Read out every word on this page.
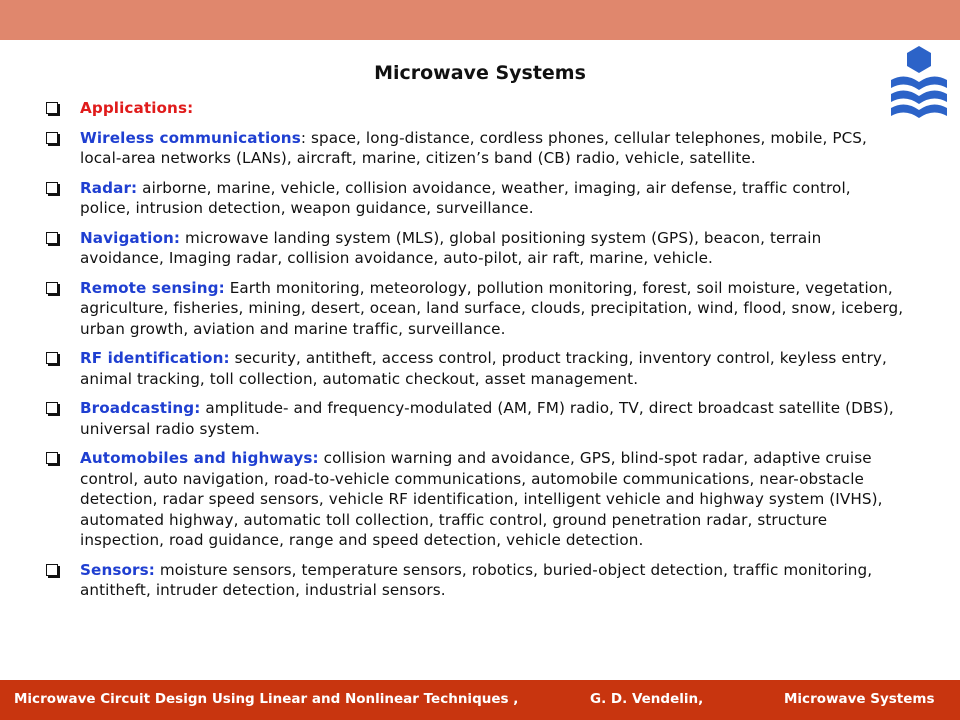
Microwave Systems
Applications:
Wireless communications: space, long-distance, cordless phones, cellular telephones, mobile, PCS, local-area networks (LANs), aircraft, marine, citizen’s band (CB) radio, vehicle, satellite.
Radar: airborne, marine, vehicle, collision avoidance, weather, imaging, air defense, traffic control, police, intrusion detection, weapon guidance, surveillance.
Navigation: microwave landing system (MLS), global positioning system (GPS), beacon, terrain avoidance, Imaging radar, collision avoidance, auto-pilot, air raft, marine, vehicle.
Remote sensing: Earth monitoring, meteorology, pollution monitoring, forest, soil moisture, vegetation, agriculture, fisheries, mining, desert, ocean, land surface, clouds, precipitation, wind, flood, snow, iceberg, urban growth, aviation and marine traffic, surveillance.
RF identification: security, antitheft, access control, product tracking, inventory control, keyless entry, animal tracking, toll collection, automatic checkout, asset management.
Broadcasting: amplitude- and frequency-modulated (AM, FM) radio, TV, direct broadcast satellite (DBS), universal radio system.
Automobiles and highways: collision warning and avoidance, GPS, blind-spot radar, adaptive cruise control, auto navigation, road-to-vehicle communications, automobile communications, near-obstacle detection, radar speed sensors, vehicle RF identification, intelligent vehicle and highway system (IVHS), automated highway, automatic toll collection, traffic control, ground penetration radar, structure inspection, road guidance, range and speed detection, vehicle detection.
Sensors: moisture sensors, temperature sensors, robotics, buried-object detection, traffic monitoring, antitheft, intruder detection, industrial sensors.
Microwave Circuit Design Using Linear and Nonlinear Techniques ,	G. D. Vendelin,	Microwave Systems
